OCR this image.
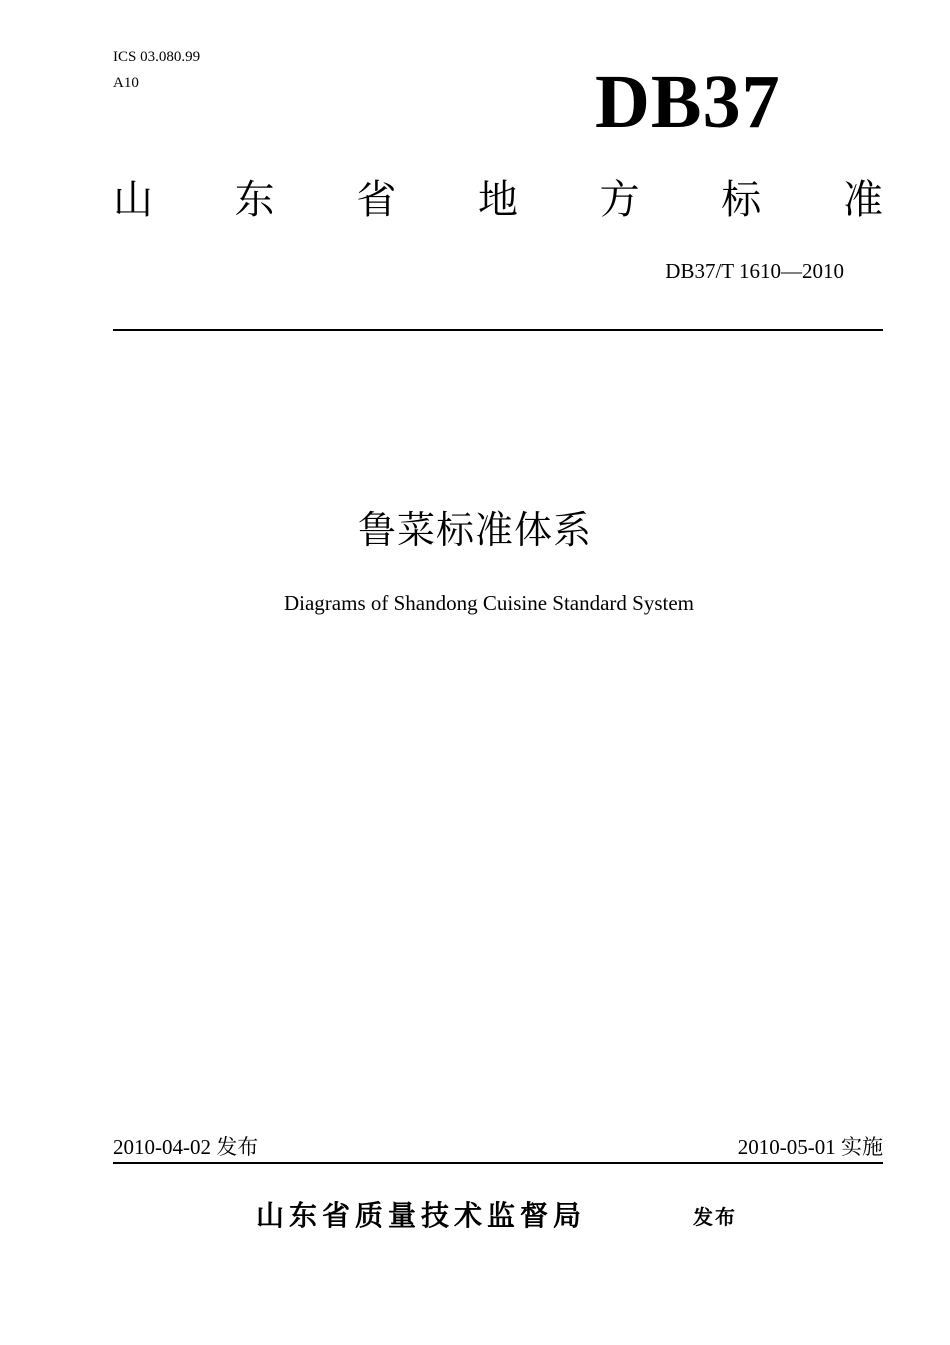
ICS 03.080.99
A10	DB37
山 东 省 地 方 标 准
DB37/T 1610—2010
鲁菜标准体系
Diagrams of Shandong Cuisine Standard System
2010-04-02 发布	2010-05-01 实施
山东省质量技术监督局	发布
